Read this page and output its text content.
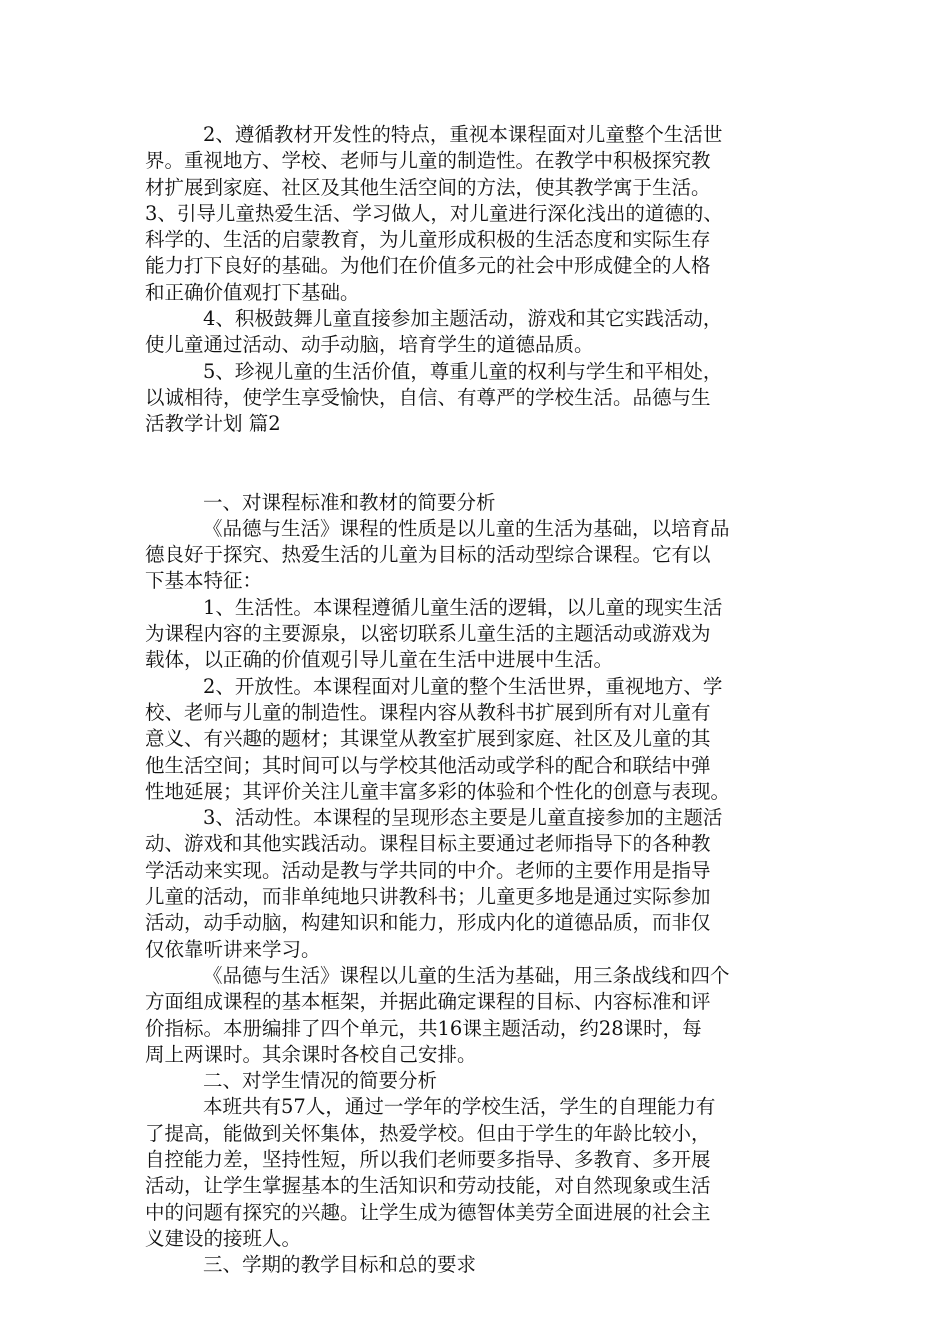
2、遵循教材开发性的特点，重视本课程面对儿童整个生活世
界。重视地方、学校、老师与儿童的制造性。在教学中积极探究教
材扩展到家庭、社区及其他生活空间的方法，使其教学寓于生活。
3、引导儿童热爱生活、学习做人，对儿童进行深化浅出的道德的、
科学的、生活的启蒙教育，为儿童形成积极的生活态度和实际生存
能力打下良好的基础。为他们在价值多元的社会中形成健全的人格
和正确价值观打下基础。
4、积极鼓舞儿童直接参加主题活动，游戏和其它实践活动，
使儿童通过活动、动手动脑，培育学生的道德品质。
5、珍视儿童的生活价值，尊重儿童的权利与学生和平相处，
以诚相待，使学生享受愉快，自信、有尊严的学校生活。品德与生
活教学计划 篇2
一、对课程标准和教材的简要分析
《品德与生活》课程的性质是以儿童的生活为基础，以培育品
德良好于探究、热爱生活的儿童为目标的活动型综合课程。它有以
下基本特征：
1、生活性。本课程遵循儿童生活的逻辑，以儿童的现实生活
为课程内容的主要源泉，以密切联系儿童生活的主题活动或游戏为
载体，以正确的价值观引导儿童在生活中进展中生活。
2、开放性。本课程面对儿童的整个生活世界，重视地方、学
校、老师与儿童的制造性。课程内容从教科书扩展到所有对儿童有
意义、有兴趣的题材；其课堂从教室扩展到家庭、社区及儿童的其
他生活空间；其时间可以与学校其他活动或学科的配合和联结中弹
性地延展；其评价关注儿童丰富多彩的体验和个性化的创意与表现。
3、活动性。本课程的呈现形态主要是儿童直接参加的主题活
动、游戏和其他实践活动。课程目标主要通过老师指导下的各种教
学活动来实现。活动是教与学共同的中介。老师的主要作用是指导
儿童的活动，而非单纯地只讲教科书；儿童更多地是通过实际参加
活动，动手动脑，构建知识和能力，形成内化的道德品质，而非仅
仅依靠听讲来学习。
《品德与生活》课程以儿童的生活为基础，用三条战线和四个
方面组成课程的基本框架，并据此确定课程的目标、内容标准和评
价指标。本册编排了四个单元，共16课主题活动，约28课时，每
周上两课时。其余课时各校自己安排。
二、对学生情况的简要分析
本班共有57人，通过一学年的学校生活，学生的自理能力有
了提高，能做到关怀集体，热爱学校。但由于学生的年龄比较小，
自控能力差，坚持性短，所以我们老师要多指导、多教育、多开展
活动，让学生掌握基本的生活知识和劳动技能，对自然现象或生活
中的问题有探究的兴趣。让学生成为德智体美劳全面进展的社会主
义建设的接班人。
三、学期的教学目标和总的要求
